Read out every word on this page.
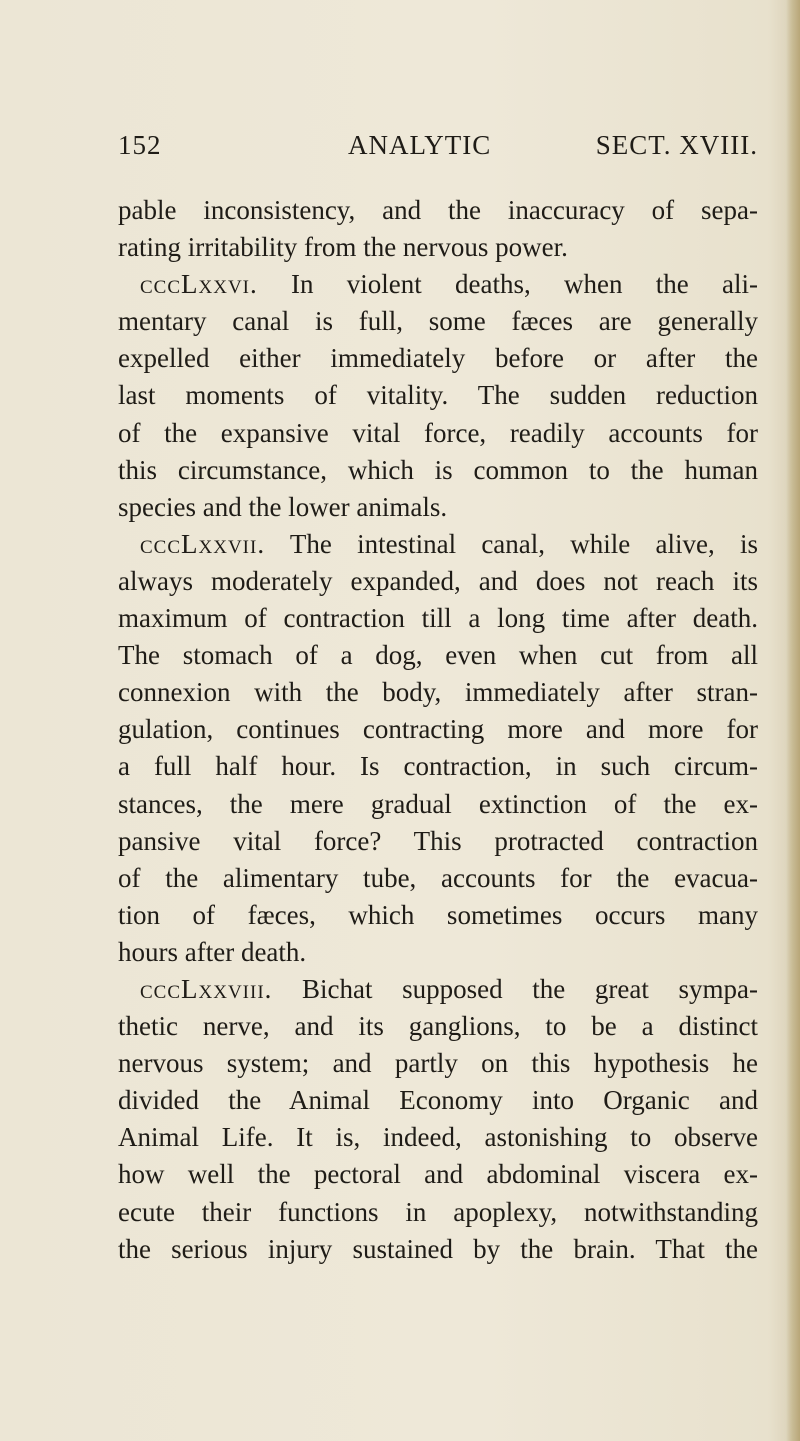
152	ANALYTIC	SECT. XVIII.
pable inconsistency, and the inaccuracy of sepa-
rating irritability from the nervous power.
cccLxxvi. In violent deaths, when the ali-
mentary canal is full, some fæces are generally
expelled either immediately before or after the
last moments of vitality. The sudden reduction
of the expansive vital force, readily accounts for
this circumstance, which is common to the human
species and the lower animals.
cccLxxvii. The intestinal canal, while alive, is
always moderately expanded, and does not reach its
maximum of contraction till a long time after death.
The stomach of a dog, even when cut from all
connexion with the body, immediately after stran-
gulation, continues contracting more and more for
a full half hour. Is contraction, in such circum-
stances, the mere gradual extinction of the ex-
pansive vital force? This protracted contraction
of the alimentary tube, accounts for the evacua-
tion of fæces, which sometimes occurs many
hours after death.
cccLxxviii. Bichat supposed the great sympa-
thetic nerve, and its ganglions, to be a distinct
nervous system; and partly on this hypothesis he
divided the Animal Economy into Organic and
Animal Life. It is, indeed, astonishing to observe
how well the pectoral and abdominal viscera ex-
ecute their functions in apoplexy, notwithstanding
the serious injury sustained by the brain. That the
